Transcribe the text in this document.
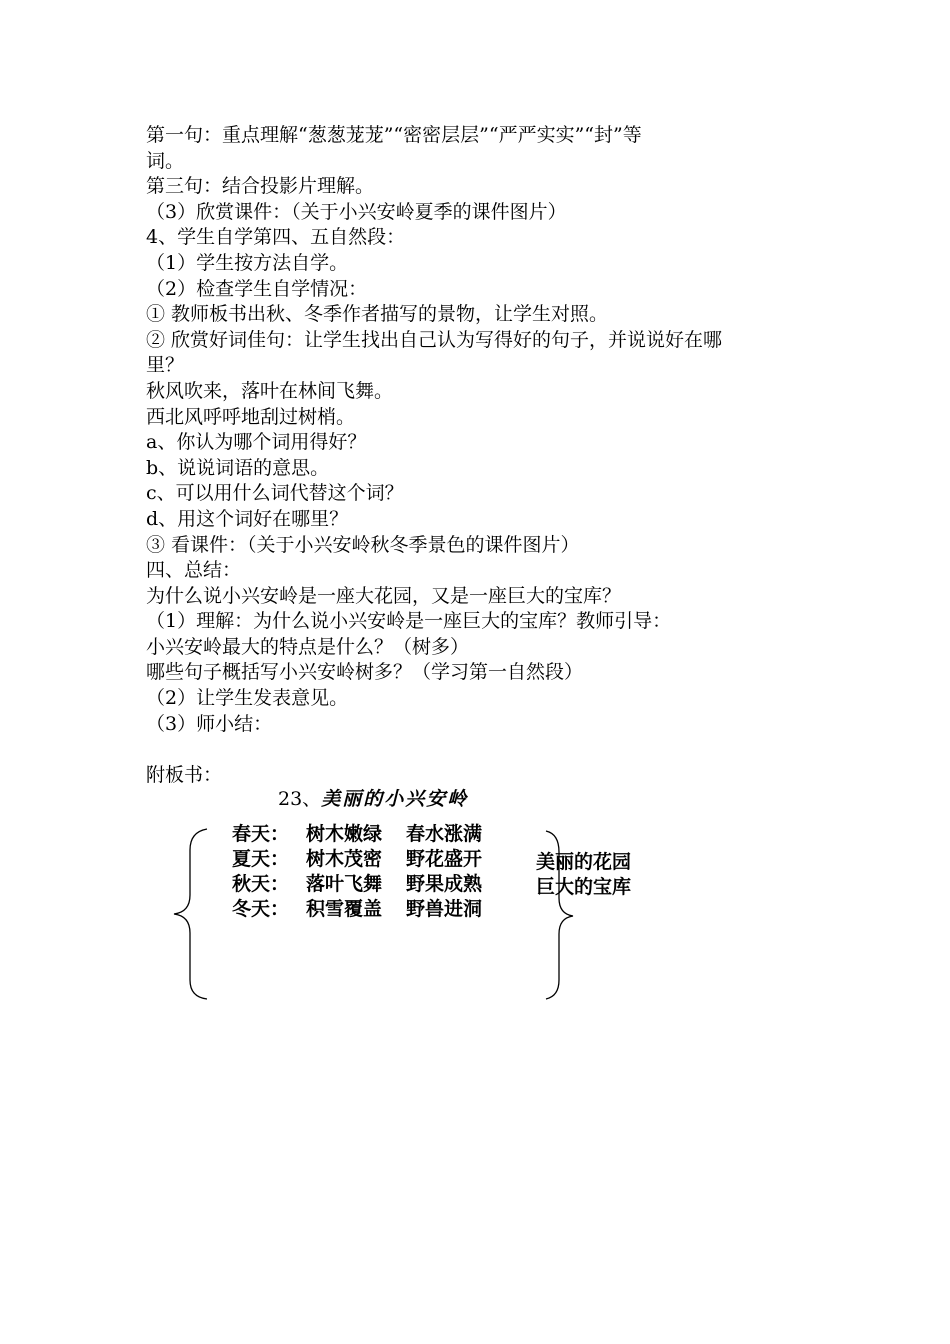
第一句：重点理解“葱葱茏茏”“密密层层”“严严实实”“封”等
词。
第三句：结合投影片理解。
（3）欣赏课件：（关于小兴安岭夏季的课件图片）
4、学生自学第四、五自然段：
（1）学生按方法自学。
（2）检查学生自学情况：
① 教师板书出秋、冬季作者描写的景物，让学生对照。
② 欣赏好词佳句：让学生找出自己认为写得好的句子，并说说好在哪
里？
秋风吹来，落叶在林间飞舞。
西北风呼呼地刮过树梢。
a、你认为哪个词用得好？
b、说说词语的意思。
c、可以用什么词代替这个词？
d、用这个词好在哪里？
③ 看课件：（关于小兴安岭秋冬季景色的课件图片）
四、总结：
为什么说小兴安岭是一座大花园，又是一座巨大的宝库？
（1）理解：为什么说小兴安岭是一座巨大的宝库？教师引导：
小兴安岭最大的特点是什么？（树多）
哪些句子概括写小兴安岭树多？（学习第一自然段）
（2）让学生发表意见。
（3）师小结：
附板书：
23、美丽的小兴安岭
春天： 树木嫩绿 春水涨满
夏天： 树木茂密 野花盛开
秋天： 落叶飞舞 野果成熟
冬天： 积雪覆盖 野兽进洞
美丽的花园
巨大的宝库
